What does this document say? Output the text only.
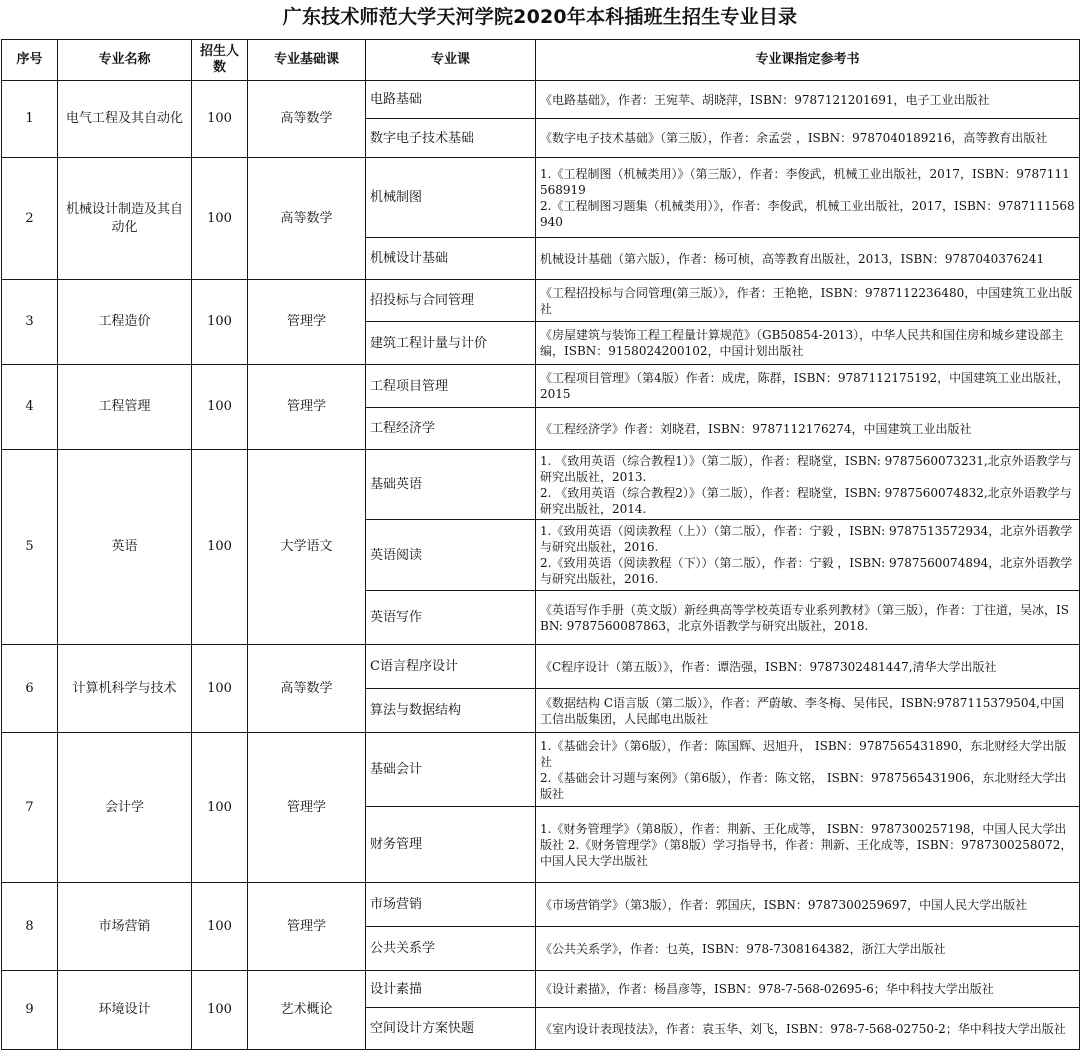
广东技术师范大学天河学院2020年本科插班生招生专业目录
序号	专业名称	招生人数	专业基础课	专业课	专业课指定参考书
1	电气工程及其自动化	100	高等数学	电路基础	《电路基础》，作者：王宛苹、胡晓萍，ISBN：9787121201691，电子工业出版社

				数字电子技术基础	《数字电子技术基础》（第三版），作者：余孟尝 ，ISBN：9787040189216，高等教育出版社

2	机械设计制造及其自动化	100	高等数学	机械制图	1.《工程制图（机械类用）》（第三版），作者：李俊武，机械工业出版社，2017，ISBN：9787111568919
2.《工程制图习题集（机械类用）》，作者：李俊武，机械工业出版社，2017，ISBN：9787111568940

				机械设计基础	机械设计基础（第六版），作者：杨可桢，高等教育出版社，2013，ISBN：9787040376241

3	工程造价	100	管理学	招投标与合同管理	《工程招投标与合同管理(第三版）》，作者：王艳艳，ISBN：9787112236480，中国建筑工业出版社

				建筑工程计量与计价	《房屋建筑与装饰工程工程量计算规范》（GB50854-2013），中华人民共和国住房和城乡建设部主编，ISBN：9158024200102，中国计划出版社

4	工程管理	100	管理学	工程项目管理	《工程项目管理》（第4版）作者：成虎，陈群，ISBN：9787112175192，中国建筑工业出版社，2015

				工程经济学	《工程经济学》作者：刘晓君，ISBN：9787112176274，中国建筑工业出版社

5	英语	100	大学语文	基础英语	1. 《致用英语（综合教程1）》（第二版），作者：程晓堂，ISBN: 9787560073231,北京外语教学与研究出版社，2013.
2. 《致用英语（综合教程2）》（第二版），作者：程晓堂，ISBN: 9787560074832,北京外语教学与研究出版社，2014.

				英语阅读	1.《致用英语（阅读教程（上））（第二版），作者：宁毅 ，ISBN: 9787513572934，北京外语教学与研究出版社，2016.
2.《致用英语（阅读教程（下））（第二版），作者：宁毅 ，ISBN: 9787560074894，北京外语教学与研究出版社，2016.

				英语写作	《英语写作手册（英文版）新经典高等学校英语专业系列教材》（第三版），作者：丁往道，吴冰，ISBN: 9787560087863，北京外语教学与研究出版社，2018.

6	计算机科学与技术	100	高等数学	C语言程序设计	《C程序设计（第五版）》，作者：谭浩强，ISBN：9787302481447,清华大学出版社

				算法与数据结构	《数据结构 C语言版（第二版）》，作者：严蔚敏、李冬梅、吴伟民，ISBN:9787115379504,中国工信出版集团，人民邮电出版社

7	会计学	100	管理学	基础会计	1.《基础会计》（第6版），作者：陈国辉、迟旭升， ISBN：9787565431890，东北财经大学出版社
2.《基础会计习题与案例》（第6版），作者：陈文铭， ISBN：9787565431906，东北财经大学出版社

				财务管理	1.《财务管理学》（第8版），作者：荆新、王化成等， ISBN：9787300257198，中国人民大学出版社 2.《财务管理学》（第8版）学习指导书，作者：荆新、王化成等，ISBN：9787300258072，中国人民大学出版社

8	市场营销	100	管理学	市场营销	《市场营销学》（第3版），作者：郭国庆，ISBN：9787300259697，中国人民大学出版社

				公共关系学	《公共关系学》，作者：乜英，ISBN：978-7308164382，浙江大学出版社

9	环境设计	100	艺术概论	设计素描	《设计素描》，作者：杨昌彦等，ISBN：978-7-568-02695-6；华中科技大学出版社

				空间设计方案快题	《室内设计表现技法》，作者：袁玉华、刘飞，ISBN：978-7-568-02750-2；华中科技大学出版社
